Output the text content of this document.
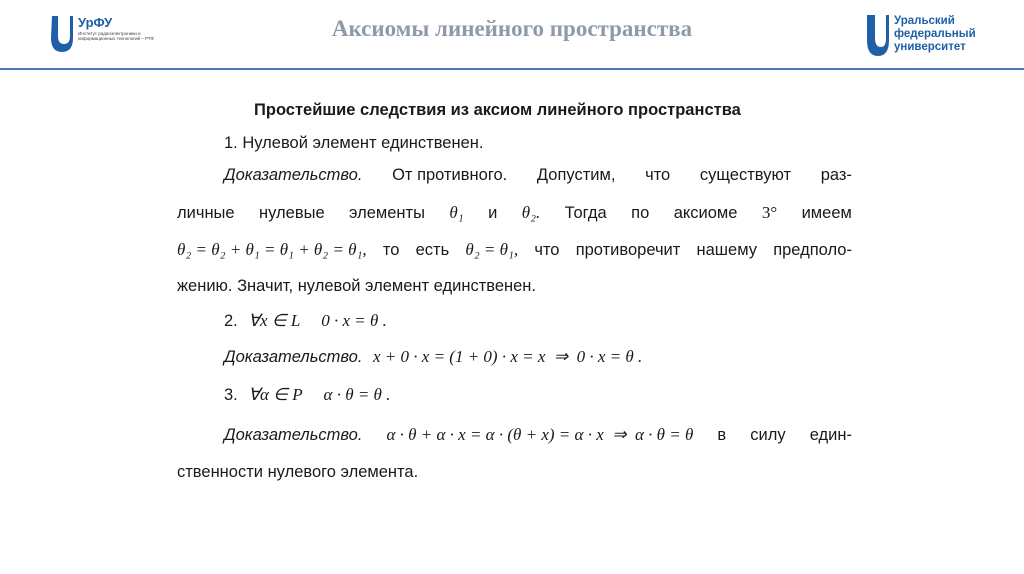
УрФУ
Институт радиоэлектроники и информационных технологий – РТФ	Аксиомы линейного пространства	Уральский
федеральный
университет
Простейшие следствия из аксиом линейного пространства
1. Нулевой элемент единственен.
Доказательство. От противного. Допустим, что существуют раз-
личные нулевые элементы θ₁ и θ₂. Тогда по аксиоме 3° имеем
θ₂ = θ₂ + θ₁ = θ₁ + θ₂ = θ₁, то есть θ₂ = θ₁, что противоречит нашему предполо-
жению. Значит, нулевой элемент единственен.
2. ∀x ∈ L     0 · x = θ .
Доказательство. x + 0 · x = (1 + 0) · x = x  ⇒  0 · x = θ .
3. ∀α ∈ P     α · θ = θ .
Доказательство. α · θ + α · x = α · (θ + x) = α · x  ⇒  α · θ = θ в силу един-
ственности нулевого элемента.
